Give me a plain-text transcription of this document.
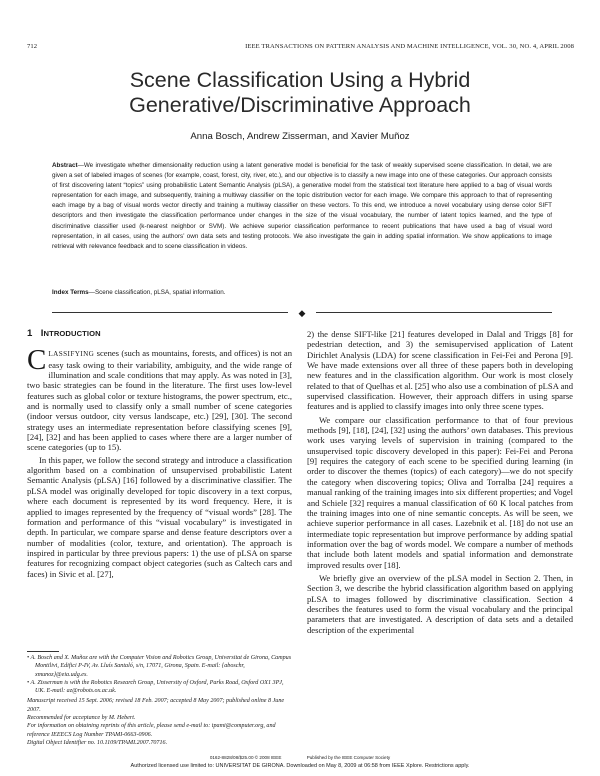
712	IEEE TRANSACTIONS ON PATTERN ANALYSIS AND MACHINE INTELLIGENCE, VOL. 30, NO. 4, APRIL 2008
Scene Classification Using a Hybrid
Generative/Discriminative Approach
Anna Bosch, Andrew Zisserman, and Xavier Muñoz
Abstract—We investigate whether dimensionality reduction using a latent generative model is beneficial for the task of weakly supervised scene classification. In detail, we are given a set of labeled images of scenes (for example, coast, forest, city, river, etc.), and our objective is to classify a new image into one of these categories. Our approach consists of first discovering latent “topics” using probabilistic Latent Semantic Analysis (pLSA), a generative model from the statistical text literature here applied to a bag of visual words representation for each image, and subsequently, training a multiway classifier on the topic distribution vector for each image. We compare this approach to that of representing each image by a bag of visual words vector directly and training a multiway classifier on these vectors. To this end, we introduce a novel vocabulary using dense color SIFT descriptors and then investigate the classification performance under changes in the size of the visual vocabulary, the number of latent topics learned, and the type of discriminative classifier used (k-nearest neighbor or SVM). We achieve superior classification performance to recent publications that have used a bag of visual word representation, in all cases, using the authors’ own data sets and testing protocols. We also investigate the gain in adding spatial information. We show applications to image retrieval with relevance feedback and to scene classification in videos.
Index Terms—Scene classification, pLSA, spatial information.
◆
1 INTRODUCTION

CLASSIFYING scenes (such as mountains, forests, and offices) is not an easy task owing to their variability, ambiguity, and the wide range of illumination and scale conditions that may apply. As was noted in [3], two basic strategies can be found in the literature. The first uses low-level features such as global color or texture histograms, the power spectrum, etc., and is normally used to classify only a small number of scene categories (indoor versus outdoor, city versus landscape, etc.) [29], [30]. The second strategy uses an intermediate representation before classifying scenes [9], [24], [32] and has been applied to cases where there are a larger number of scene categories (up to 15).

In this paper, we follow the second strategy and introduce a classification algorithm based on a combination of unsupervised probabilistic Latent Semantic Analysis (pLSA) [16] followed by a discriminative classifier. The pLSA model was originally developed for topic discovery in a text corpus, where each document is represented by its word frequency. Here, it is applied to images represented by the frequency of “visual words” [28]. The formation and performance of this “visual vocabulary” is investigated in depth. In particular, we compare sparse and dense feature descriptors over a number of modalities (color, texture, and orientation). The approach is inspired in particular by three previous papers: 1) the use of pLSA on sparse features for recognizing compact object categories (such as Caltech cars and faces) in Sivic et al. [27],

• A. Bosch and X. Muñoz are with the Computer Vision and Robotics Group, Universitat de Girona, Campus Montilivi, Edifici P-IV, Av. Lluís Santaló, s/n, 17071, Girona, Spain. E-mail: {aboschr, xmunoz}@eia.udg.es.

• A. Zisserman is with the Robotics Research Group, University of Oxford, Parks Road, Oxford OX1 3PJ, UK. E-mail: az@robots.ox.ac.uk.

Manuscript received 15 Sept. 2006; revised 18 Feb. 2007; accepted 8 May 2007; published online 8 June 2007.

Recommended for acceptance by M. Hebert.

For information on obtaining reprints of this article, please send e-mail to: tpami@computer.org, and reference IEEECS Log Number TPAMI-0663-0906.

Digital Object Identifier no. 10.1109/TPAMI.2007.70716.

2) the dense SIFT-like [21] features developed in Dalal and Triggs [8] for pedestrian detection, and 3) the semisupervised application of Latent Dirichlet Analysis (LDA) for scene classification in Fei-Fei and Perona [9]. We have made extensions over all three of these papers both in developing new features and in the classification algorithm. Our work is most closely related to that of Quelhas et al. [25] who also use a combination of pLSA and supervised classification. However, their approach differs in using sparse features and is applied to classify images into only three scene types.

We compare our classification performance to that of four previous methods [9], [18], [24], [32] using the authors’ own databases. This previous work uses varying levels of supervision in training (compared to the unsupervised topic discovery developed in this paper): Fei-Fei and Perona [9] requires the category of each scene to be specified during learning (in order to discover the themes (topics) of each category)—we do not specify the category when discovering topics; Oliva and Torralba [24] requires a manual ranking of the training images into six different properties; and Vogel and Schiele [32] requires a manual classification of 60 K local patches from the training images into one of nine semantic concepts. As will be seen, we achieve superior performance in all cases. Lazebnik et al. [18] do not use an intermediate topic representation but improve performance by adding spatial information over the bag of words model. We compare a number of methods that include both latent models and spatial information and demonstrate improved results over [18].

We briefly give an overview of the pLSA model in Section 2. Then, in Section 3, we describe the hybrid classification algorithm based on applying pLSA to images followed by discriminative classification. Section 4 describes the features used to form the visual vocabulary and the principal parameters that are investigated. A description of data sets and a detailed description of the experimental

0162-8828/08/$25.00 © 2008 IEEE	Published by the IEEE Computer Society
Authorized licensed use limited to: UNIVERSITAT DE GIRONA. Downloaded on May 8, 2009 at 06:58 from IEEE Xplore. Restrictions apply.
